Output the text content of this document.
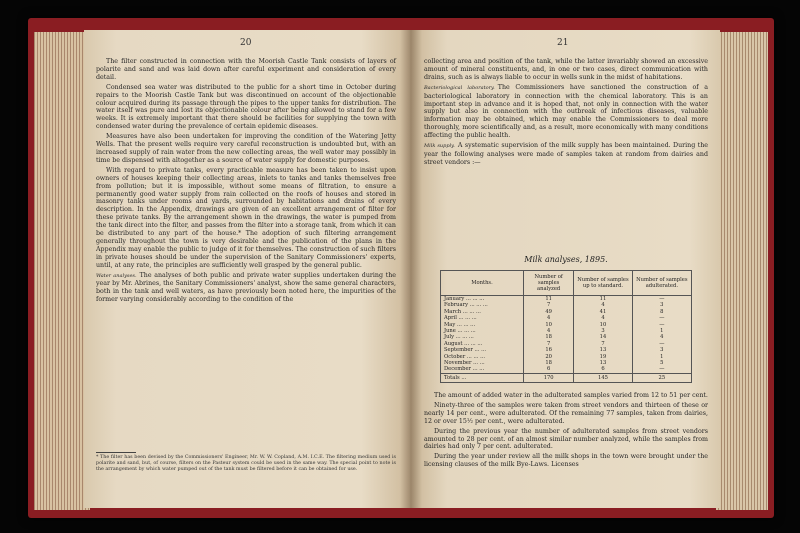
20

The filter constructed in connection with the Moorish Castle Tank consists of layers of polarite and sand and was laid down after careful experiment and consideration of every detail.

Condensed sea water was distributed to the public for a short time in October during repairs to the Moorish Castle Tank but was discontinued on account of the objectionable colour acquired during its passage through the pipes to the upper tanks for distribution. The water itself was pure and lost its objectionable colour after being allowed to stand for a few weeks. It is extremely important that there should be facilities for supplying the town with condensed water during the prevalence of certain epidemic diseases.

Measures have also been undertaken for improving the condition of the Watering Jetty Wells. That the present wells require very careful reconstruction is undoubted but, with an increased supply of rain water from the new collecting areas, the well water may possibly in time be dispensed with altogether as a source of water supply for domestic purposes.

With regard to private tanks, every practicable measure has been taken to insist upon owners of houses keeping their collecting areas, inlets to tanks and tanks themselves free from pollution; but it is impossible, without some means of filtration, to ensure a permanently good water supply from rain collected on the roofs of houses and stored in masonry tanks under rooms and yards, surrounded by habitations and drains of every description. In the Appendix, drawings are given of an excellent arrangement of filter for these private tanks. By the arrangement shown in the drawings, the water is pumped from the tank direct into the filter, and passes from the filter into a storage tank, from which it can be distributed to any part of the house.* The adoption of such filtering arrangement generally throughout the town is very desirable and the publication of the plans in the Appendix may enable the public to judge of it for themselves. The construction of such filters in private houses should be under the supervision of the Sanitary Commissioners' experts, until, at any rate, the principles are sufficiently well grasped by the general public.

Water analyses. The analyses of both public and private water supplies undertaken during the year by Mr. Abrines, the Sanitary Commissioners' analyst, show the same general characters, both in the tank and well waters, as have previously been noted here, the impurities of the former varying considerably according to the condition of the

* The filter has been devised by the Commissioners' Engineer, Mr. W. W. Copland, A.M. I.C.E. The filtering medium used is polarite and sand, but, of course, filters on the Pasteur system could be used in the same way. The special point to note is the arrangement by which water pumped out of the tank must be filtered before it can be obtained for use.
21

collecting area and position of the tank, while the latter invariably showed an excessive amount of mineral constituents, and, in one or two cases, direct communication with drains, such as is always liable to occur in wells sunk in the midst of habitations.

Bacteriological laboratory. The Commissioners have sanctioned the construction of a bacteriological laboratory in connection with the chemical laboratory. This is an important step in advance and it is hoped that, not only in connection with the water supply but also in connection with the outbreak of infectious diseases, valuable information may be obtained, which may enable the Commissioners to deal more thoroughly, more scientifically and, as a result, more economically with many conditions affecting the public health.

Milk supply. A systematic supervision of the milk supply has been maintained. During the year the following analyses were made of samples taken at random from dairies and street vendors :—

Milk analyses, 1895.
Months.	Number of samples analyzed	Number of samples up to standard.	Number of samples adulterated.
January ... ... ...	11	11	—
February ... ... ...	7	4	3
March ... ... ...	49	41	8
April ... ... ...	4	4	—
May ... ... ...	10	10	—
June ... ... ...	4	3	1
July ... ... ...	18	14	4
August ... ... ...	7	7	—
September ... ...	16	13	3
October ... ... ...	20	19	1
November ... ...	18	13	5
December ... ...	6	6	—
Totals ...	170	145	25

The amount of added water in the adulterated samples varied from 12 to 51 per cent.

Ninety-three of the samples were taken from street vendors and thirteen of these or nearly 14 per cent., were adulterated. Of the remaining 77 samples, taken from dairies, 12 or over 15½ per cent., were adulterated.

During the previous year the number of adulterated samples from street vendors amounted to 28 per cent. of an almost similar number analyzed, while the samples from dairies had only 7 per cent. adulterated.

During the year under review all the milk shops in the town were brought under the licensing clauses of the milk Bye-Laws. Licenses
